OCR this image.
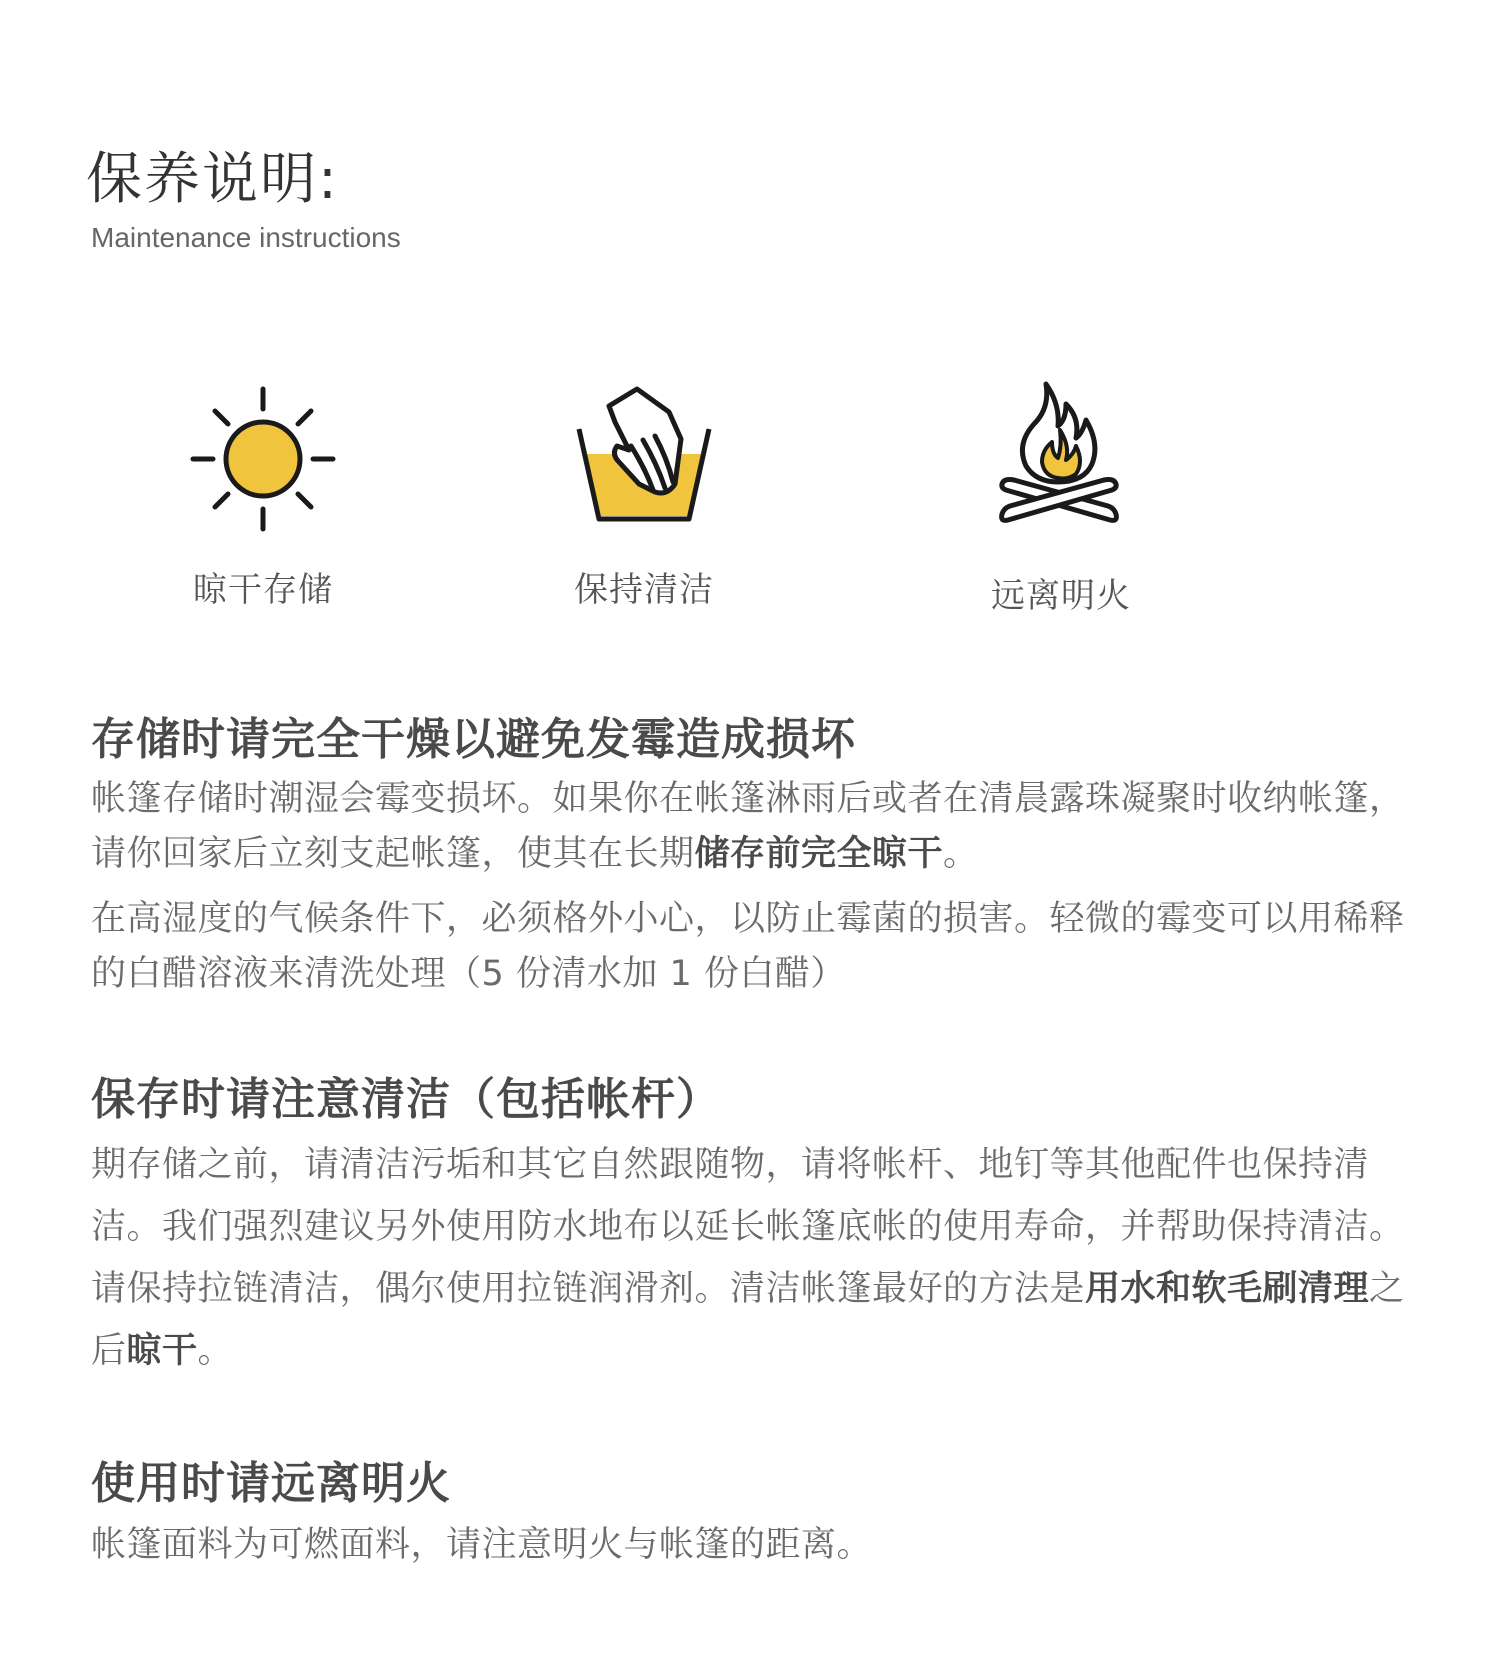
保养说明:
Maintenance instructions
晾干存储	保持清洁	远离明火
存储时请完全干燥以避免发霉造成损坏

帐篷存储时潮湿会霉变损坏。如果你在帐篷淋雨后或者在清晨露珠凝聚时收纳帐篷，请你回家后立刻支起帐篷，使其在长期储存前完全晾干。

在高湿度的气候条件下，必须格外小心，以防止霉菌的损害。轻微的霉变可以用稀释的白醋溶液来清洗处理（5 份清水加 1 份白醋）

保存时请注意清洁（包括帐杆）

期存储之前，请清洁污垢和其它自然跟随物，请将帐杆、地钉等其他配件也保持清洁。我们强烈建议另外使用防水地布以延长帐篷底帐的使用寿命，并帮助保持清洁。请保持拉链清洁，偶尔使用拉链润滑剂。清洁帐篷最好的方法是用水和软毛刷清理之后晾干。

使用时请远离明火

帐篷面料为可燃面料，请注意明火与帐篷的距离。
